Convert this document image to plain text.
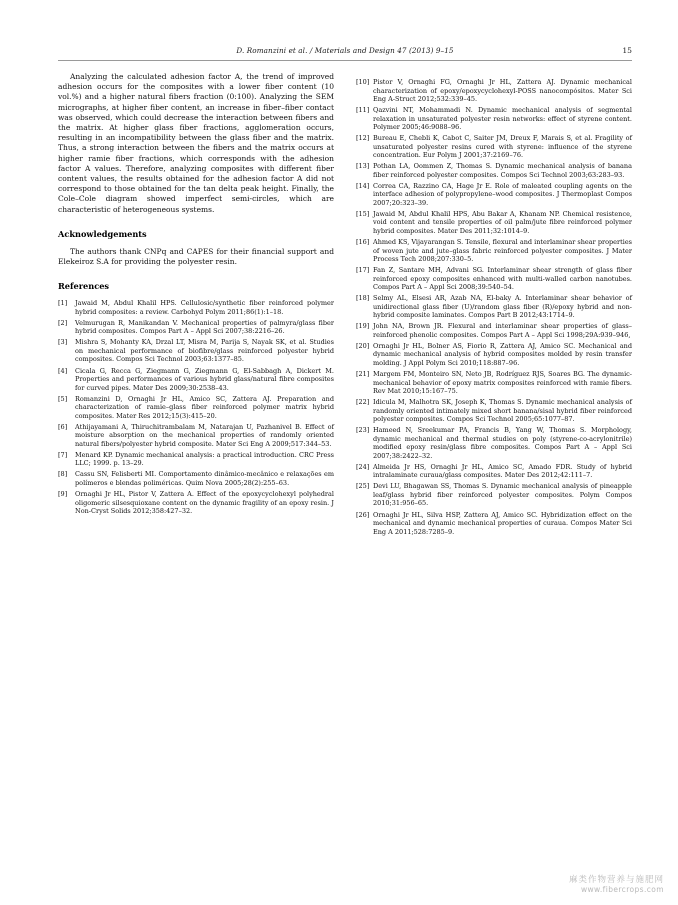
D. Romanzini et al. / Materials and Design 47 (2013) 9–15	15

Analyzing the calculated adhesion factor A, the trend of improved adhesion occurs for the composites with a lower fiber content (10 vol.%) and a higher natural fibers fraction (0:100). Analyzing the SEM micrographs, at higher fiber content, an increase in fiber–fiber contact was observed, which could decrease the interaction between fibers and the matrix. At higher glass fiber fractions, agglomeration occurs, resulting in an incompatibility between the glass fiber and the matrix. Thus, a strong interaction between the fibers and the matrix occurs at higher ramie fiber fractions, which corresponds with the adhesion factor A values. Therefore, analyzing composites with different fiber content values, the results obtained for the adhesion factor A did not correspond to those obtained for the tan delta peak height. Finally, the Cole–Cole diagram showed imperfect semi-circles, which are characteristic of heterogeneous systems.

Acknowledgements

The authors thank CNPq and CAPES for their financial support and Elekeiroz S.A for providing the polyester resin.

References
[1]	Jawaid M, Abdul Khalil HPS. Cellulosic/synthetic fiber reinforced polymer hybrid composites: a review. Carbohyd Polym 2011;86(1):1–18.
[2]	Velmurugan R, Manikandan V. Mechanical properties of palmyra/glass fiber hybrid composites. Compos Part A – Appl Sci 2007;38:2216–26.
[3]	Mishra S, Mohanty KA, Drzal LT, Misra M, Parija S, Nayak SK, et al. Studies on mechanical performance of biofibre/glass reinforced polyester hybrid composites. Compos Sci Technol 2003;63:1377–85.
[4]	Cicala G, Recca G, Ziegmann G, Ziegmann G, El-Sabbagh A, Dickert M. Properties and performances of various hybrid glass/natural fibre composites for curved pipes. Mater Des 2009;30:2538–43.
[5]	Romanzini D, Ornaghi Jr HL, Amico SC, Zattera AJ. Preparation and characterization of ramie–glass fiber reinforced polymer matrix hybrid composites. Mater Res 2012;15(3):415–20.
[6]	Athijayamani A, Thiruchitrambalam M, Natarajan U, Pazhanivel B. Effect of moisture absorption on the mechanical properties of randomly oriented natural fibers/polyester hybrid composite. Mater Sci Eng A 2009;517:344–53.
[7]	Menard KP. Dynamic mechanical analysis: a practical introduction. CRC Press LLC; 1999. p. 13–29.
[8]	Cassu SN, Felisberti MI. Comportamento dinâmico-mecânico e relaxações em polímeros e blendas poliméricas. Quim Nova 2005;28(2):255–63.
[9]	Ornaghi Jr HL, Pistor V, Zattera A. Effect of the epoxycyclohexyl polyhedral oligomeric silsesquioxane content on the dynamic fragility of an epoxy resin. J Non-Cryst Solids 2012;358:427–32.
[10] Pistor V, Ornaghi FG, Ornaghi Jr HL, Zattera AJ. Dynamic mechanical characterization of epoxy/epoxycyclohexyl-POSS nanocompósitos. Mater Sci Eng A-Struct 2012;532:339–45.
[11] Qazvini NT, Mohammadi N. Dynamic mechanical analysis of segmental relaxation in unsaturated polyester resin networks: effect of styrene content. Polymer 2005;46:9088–96.
[12] Bureau E, Chebli K, Cabot C, Saiter JM, Dreux F, Marais S, et al. Fragility of unsaturated polyester resins cured with styrene: influence of the styrene concentration. Eur Polym J 2001;37:2169–76.
[13] Pothan LA, Oommen Z, Thomas S. Dynamic mechanical analysis of banana fiber reinforced polyester composites. Compos Sci Technol 2003;63:283–93.
[14] Correa CA, Razzino CA, Hage Jr E. Role of maleated coupling agents on the interface adhesion of polypropylene–wood composites. J Thermoplast Compos 2007;20:323–39.
[15] Jawaid M, Abdul Khalil HPS, Abu Bakar A, Khanam NP. Chemical resistence, void content and tensile properties of oil palm/jute fibre reinforced polymer hybrid composites. Mater Des 2011;32:1014–9.
[16] Ahmed KS, Vijayarangan S. Tensile, flexural and interlaminar shear properties of woven jute and jute–glass fabric reinforced polyester composites. J Mater Process Tech 2008;207:330–5.
[17] Fan Z, Santare MH, Advani SG. Interlaminar shear strength of glass fiber reinforced epoxy composites enhanced with multi-walled carbon nanotubes. Compos Part A – Appl Sci 2008;39:540–54.
[18] Selmy AL, Elsesi AR, Azab NA, El-baky A. Interlaminar shear behavior of unidirectional glass fiber (U)/random glass fiber (R)/epoxy hybrid and non-hybrid composite laminates. Compos Part B 2012;43:1714–9.
[19] John NA, Brown JR. Flexural and interlaminar shear properties of glass–reinforced phenolic composites. Compos Part A – Appl Sci 1998;29A:939–946,
[20] Ornaghi Jr HL, Bolner AS, Fiorio R, Zattera AJ, Amico SC. Mechanical and dynamic mechanical analysis of hybrid composites molded by resin transfer molding. J Appl Polym Sci 2010;118:887–96.
[21] Margem FM, Monteiro SN, Neto JB, Rodríguez RJS, Soares BG. The dynamic-mechanical behavior of epoxy matrix composites reinforced with ramie fibers. Rev Mat 2010;15:167–75.
[22] Idicula M, Malhotra SK, Joseph K, Thomas S. Dynamic mechanical analysis of randomly oriented intimately mixed short banana/sisal hybrid fiber reinforced polyester composites. Compos Sci Technol 2005;65:1077–87.
[23] Hameed N, Sreekumar PA, Francis B, Yang W, Thomas S. Morphology, dynamic mechanical and thermal studies on poly (styrene-co-acrylonitrile) modified epoxy resin/glass fibre composites. Compos Part A – Appl Sci 2007;38:2422–32.
[24] Almeida Jr HS, Ornaghi Jr HL, Amico SC, Amado FDR. Study of hybrid intralaminate curaua/glass composites. Mater Des 2012;42:111–7.
[25] Devi LU, Bhagawan SS, Thomas S. Dynamic mechanical analysis of pineapple leaf/glass hybrid fiber reinforced polyester composites. Polym Compos 2010;31:956–65.
[26] Ornaghi Jr HL, Silva HSP, Zattera AJ, Amico SC. Hybridization effect on the mechanical and dynamic mechanical properties of curaua. Compos Mater Sci Eng A 2011;528:7285–9.
麻类作物营养与施肥网
www.fibercrops.com
